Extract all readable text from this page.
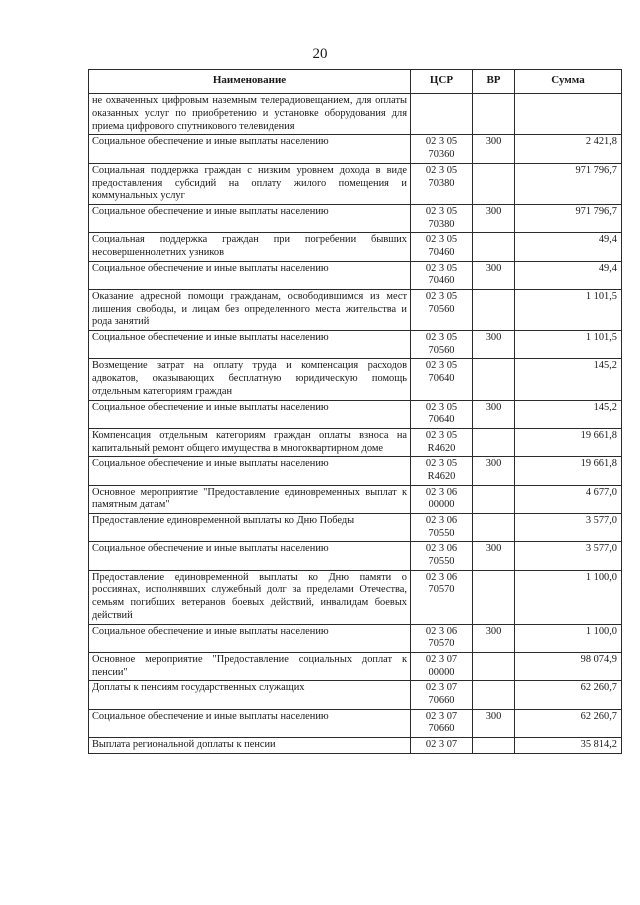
20
Наименование	ЦСР	ВР	Сумма
не охваченных цифровым наземным телерадиовещанием, для оплаты оказанных услуг по приобретению и установке оборудования для приема цифрового спутникового телевидения			
Социальное обеспечение и иные выплаты населению	02 3 05 70360	300	2 421,8
Социальная поддержка граждан с низким уровнем дохода в виде предоставления субсидий на оплату жилого помещения и коммунальных услуг	02 3 05 70380		971 796,7
Социальное обеспечение и иные выплаты населению	02 3 05 70380	300	971 796,7
Социальная поддержка граждан при погребении бывших несовершеннолетних узников	02 3 05 70460		49,4
Социальное обеспечение и иные выплаты населению	02 3 05 70460	300	49,4
Оказание адресной помощи гражданам, освободившимся из мест лишения свободы, и лицам без определенного места жительства и рода занятий	02 3 05 70560		1 101,5
Социальное обеспечение и иные выплаты населению	02 3 05 70560	300	1 101,5
Возмещение затрат на оплату труда и компенсация расходов адвокатов, оказывающих бесплатную юридическую помощь отдельным категориям граждан	02 3 05 70640		145,2
Социальное обеспечение и иные выплаты населению	02 3 05 70640	300	145,2
Компенсация отдельным категориям граждан оплаты взноса на капитальный ремонт общего имущества в многоквартирном доме	02 3 05 R4620		19 661,8
Социальное обеспечение и иные выплаты населению	02 3 05 R4620	300	19 661,8
Основное мероприятие "Предоставление единовременных выплат к памятным датам"	02 3 06 00000		4 677,0
Предоставление единовременной выплаты ко Дню Победы	02 3 06 70550		3 577,0
Социальное обеспечение и иные выплаты населению	02 3 06 70550	300	3 577,0
Предоставление единовременной выплаты ко Дню памяти о россиянах, исполнявших служебный долг за пределами Отечества, семьям погибших ветеранов боевых действий, инвалидам боевых действий	02 3 06 70570		1 100,0
Социальное обеспечение и иные выплаты населению	02 3 06 70570	300	1 100,0
Основное мероприятие "Предоставление социальных доплат к пенсии"	02 3 07 00000		98 074,9
Доплаты к пенсиям государственных служащих	02 3 07 70660		62 260,7
Социальное обеспечение и иные выплаты населению	02 3 07 70660	300	62 260,7
Выплата региональной доплаты к пенсии	02 3 07		35 814,2
